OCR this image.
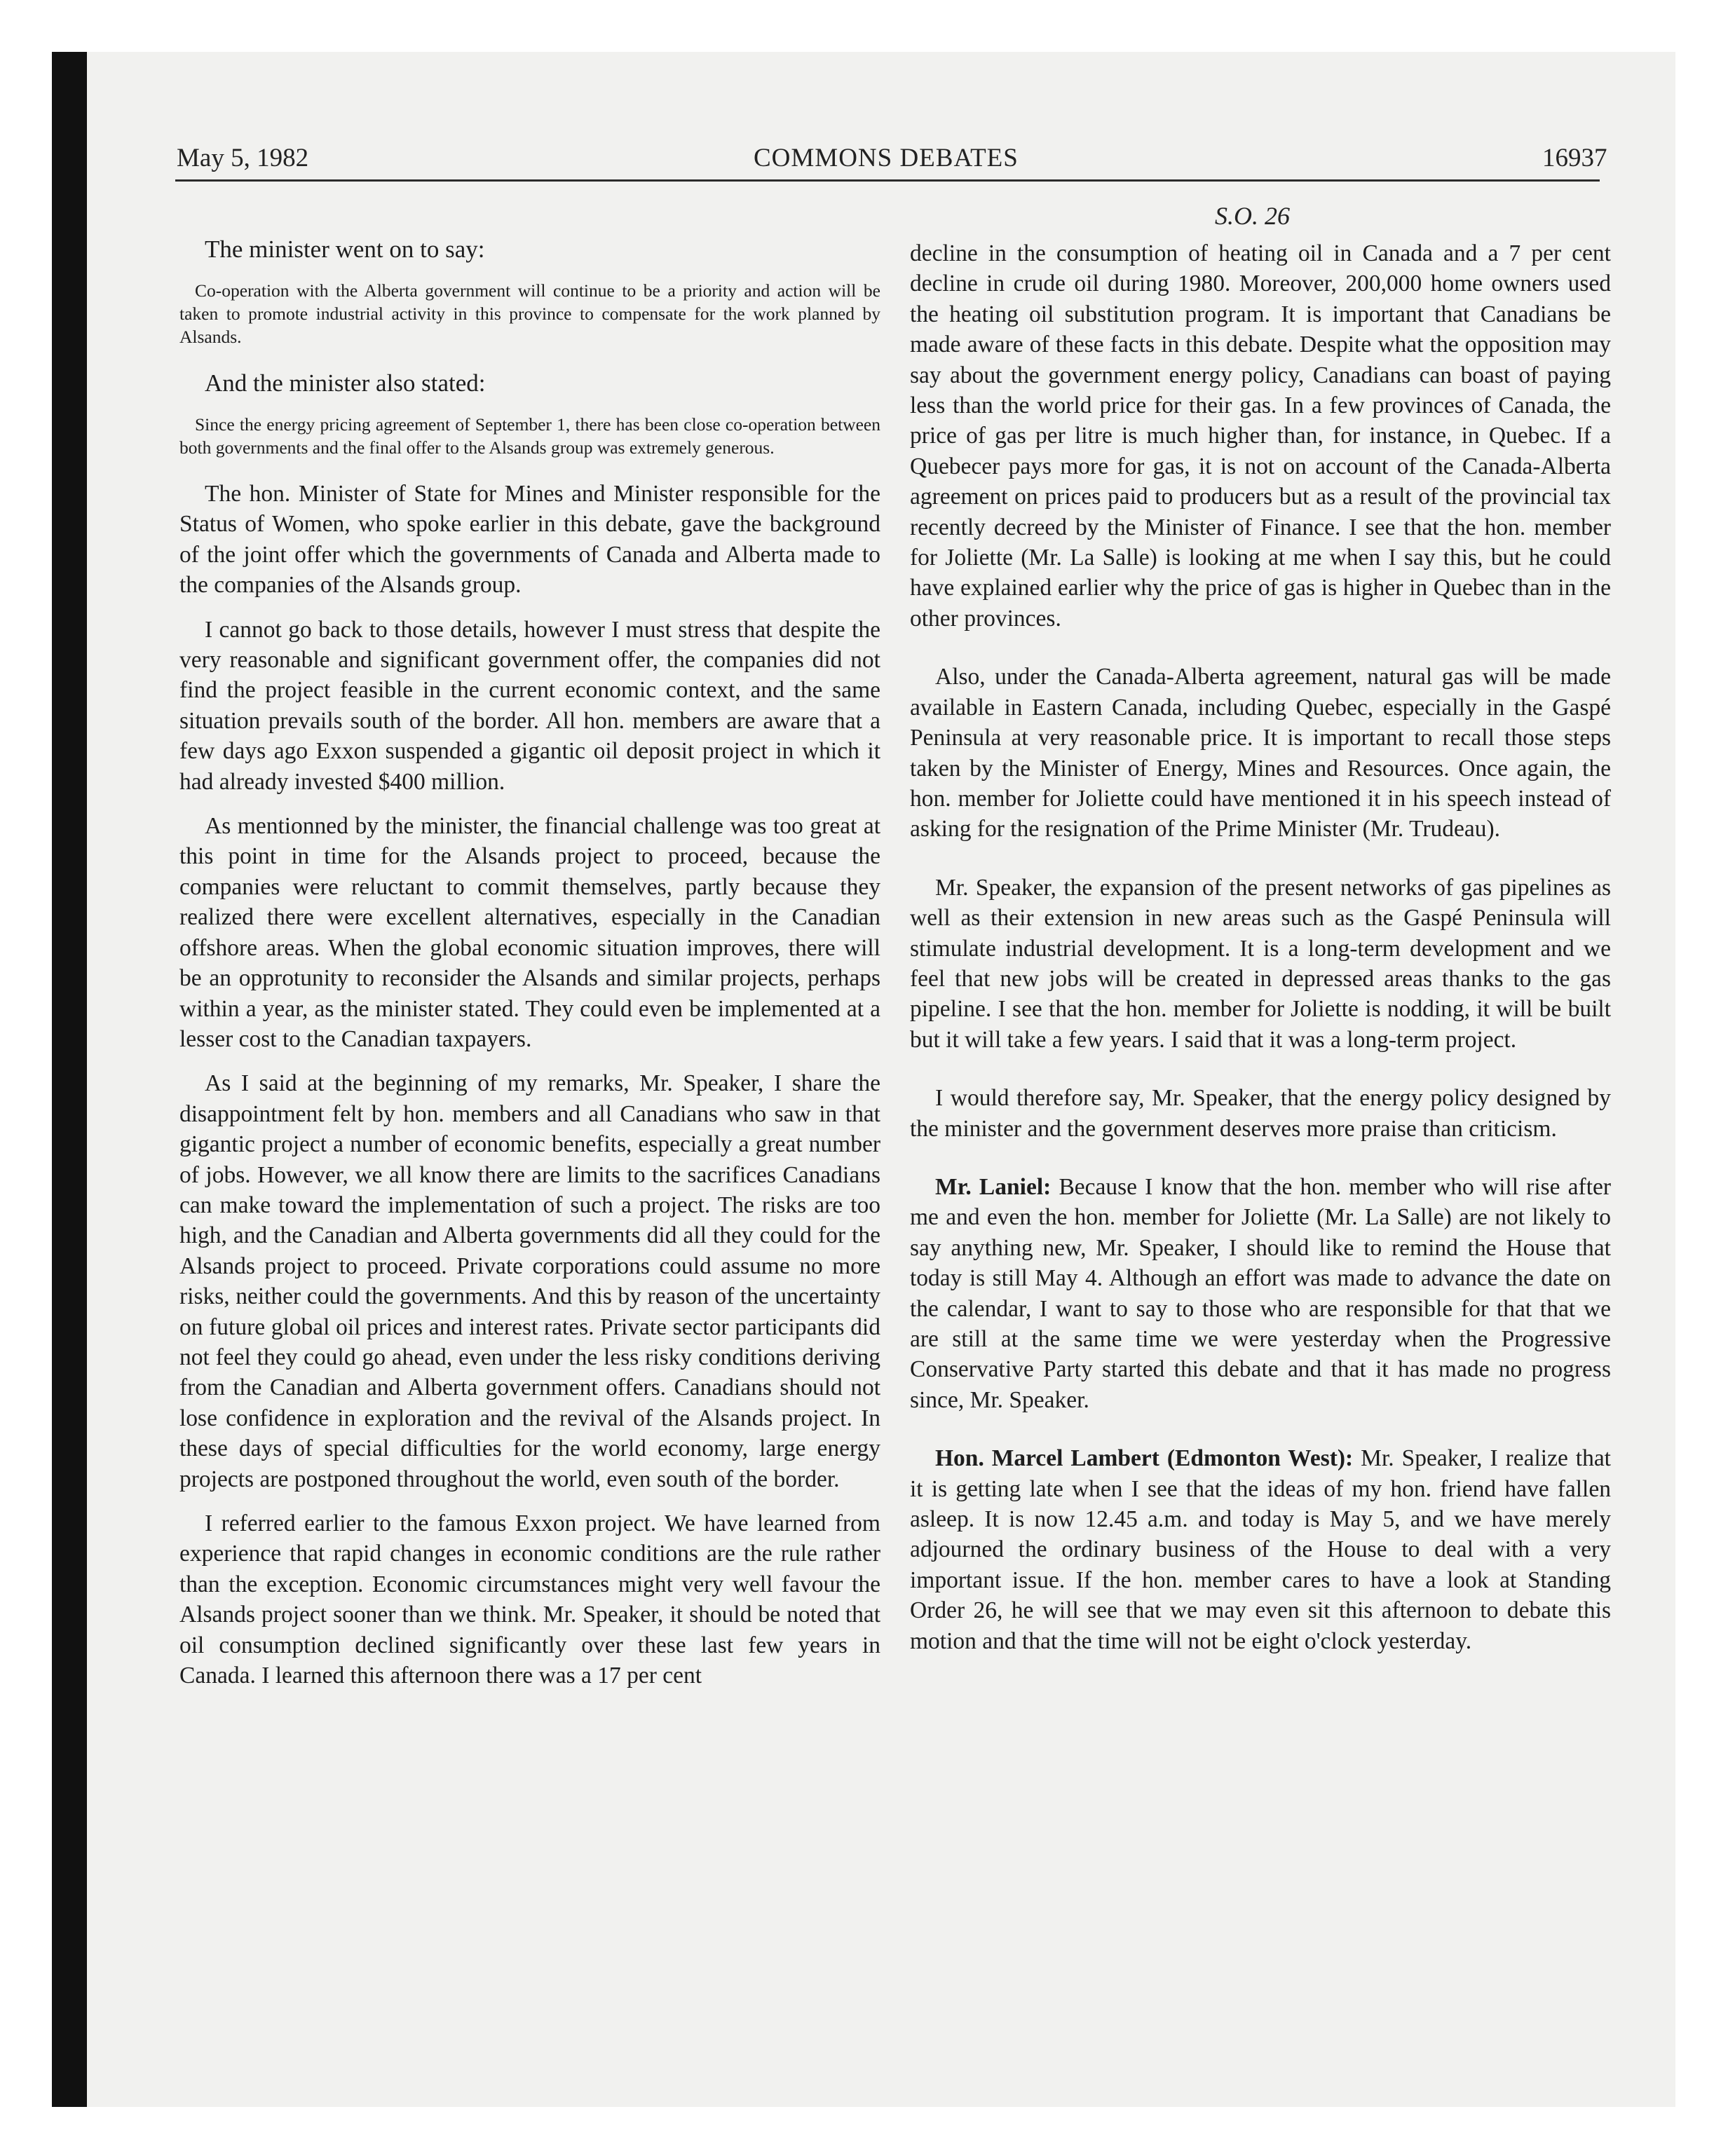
May 5, 1982	COMMONS DEBATES	16937
S.O. 26

The minister went on to say:

Co-operation with the Alberta government will continue to be a priority and action will be taken to promote industrial activity in this province to compensate for the work planned by Alsands.

And the minister also stated:

Since the energy pricing agreement of September 1, there has been close co-operation between both governments and the final offer to the Alsands group was extremely generous.

The hon. Minister of State for Mines and Minister responsible for the Status of Women, who spoke earlier in this debate, gave the background of the joint offer which the governments of Canada and Alberta made to the companies of the Alsands group.

I cannot go back to those details, however I must stress that despite the very reasonable and significant government offer, the companies did not find the project feasible in the current economic context, and the same situation prevails south of the border. All hon. members are aware that a few days ago Exxon suspended a gigantic oil deposit project in which it had already invested $400 million.

As mentionned by the minister, the financial challenge was too great at this point in time for the Alsands project to proceed, because the companies were reluctant to commit themselves, partly because they realized there were excellent alternatives, especially in the Canadian offshore areas. When the global economic situation improves, there will be an opprotunity to reconsider the Alsands and similar projects, perhaps within a year, as the minister stated. They could even be implemented at a lesser cost to the Canadian taxpayers.

As I said at the beginning of my remarks, Mr. Speaker, I share the disappointment felt by hon. members and all Canadians who saw in that gigantic project a number of economic benefits, especially a great number of jobs. However, we all know there are limits to the sacrifices Canadians can make toward the implementation of such a project. The risks are too high, and the Canadian and Alberta governments did all they could for the Alsands project to proceed. Private corporations could assume no more risks, neither could the governments. And this by reason of the uncertainty on future global oil prices and interest rates. Private sector participants did not feel they could go ahead, even under the less risky conditions deriving from the Canadian and Alberta government offers. Canadians should not lose confidence in exploration and the revival of the Alsands project. In these days of special difficulties for the world economy, large energy projects are postponed throughout the world, even south of the border.

I referred earlier to the famous Exxon project. We have learned from experience that rapid changes in economic conditions are the rule rather than the exception. Economic circumstances might very well favour the Alsands project sooner than we think. Mr. Speaker, it should be noted that oil consumption declined significantly over these last few years in Canada. I learned this afternoon there was a 17 per cent

decline in the consumption of heating oil in Canada and a 7 per cent decline in crude oil during 1980. Moreover, 200,000 home owners used the heating oil substitution program. It is important that Canadians be made aware of these facts in this debate. Despite what the opposition may say about the government energy policy, Canadians can boast of paying less than the world price for their gas. In a few provinces of Canada, the price of gas per litre is much higher than, for instance, in Quebec. If a Quebecer pays more for gas, it is not on account of the Canada-Alberta agreement on prices paid to producers but as a result of the provincial tax recently decreed by the Minister of Finance. I see that the hon. member for Joliette (Mr. La Salle) is looking at me when I say this, but he could have explained earlier why the price of gas is higher in Quebec than in the other provinces.

Also, under the Canada-Alberta agreement, natural gas will be made available in Eastern Canada, including Quebec, especially in the Gaspé Peninsula at very reasonable price. It is important to recall those steps taken by the Minister of Energy, Mines and Resources. Once again, the hon. member for Joliette could have mentioned it in his speech instead of asking for the resignation of the Prime Minister (Mr. Trudeau).

Mr. Speaker, the expansion of the present networks of gas pipelines as well as their extension in new areas such as the Gaspé Peninsula will stimulate industrial development. It is a long-term development and we feel that new jobs will be created in depressed areas thanks to the gas pipeline. I see that the hon. member for Joliette is nodding, it will be built but it will take a few years. I said that it was a long-term project.

I would therefore say, Mr. Speaker, that the energy policy designed by the minister and the government deserves more praise than criticism.

Mr. Laniel: Because I know that the hon. member who will rise after me and even the hon. member for Joliette (Mr. La Salle) are not likely to say anything new, Mr. Speaker, I should like to remind the House that today is still May 4. Although an effort was made to advance the date on the calendar, I want to say to those who are responsible for that that we are still at the same time we were yesterday when the Progressive Conservative Party started this debate and that it has made no progress since, Mr. Speaker.

Hon. Marcel Lambert (Edmonton West): Mr. Speaker, I realize that it is getting late when I see that the ideas of my hon. friend have fallen asleep. It is now 12.45 a.m. and today is May 5, and we have merely adjourned the ordinary business of the House to deal with a very important issue. If the hon. member cares to have a look at Standing Order 26, he will see that we may even sit this afternoon to debate this motion and that the time will not be eight o'clock yesterday.
